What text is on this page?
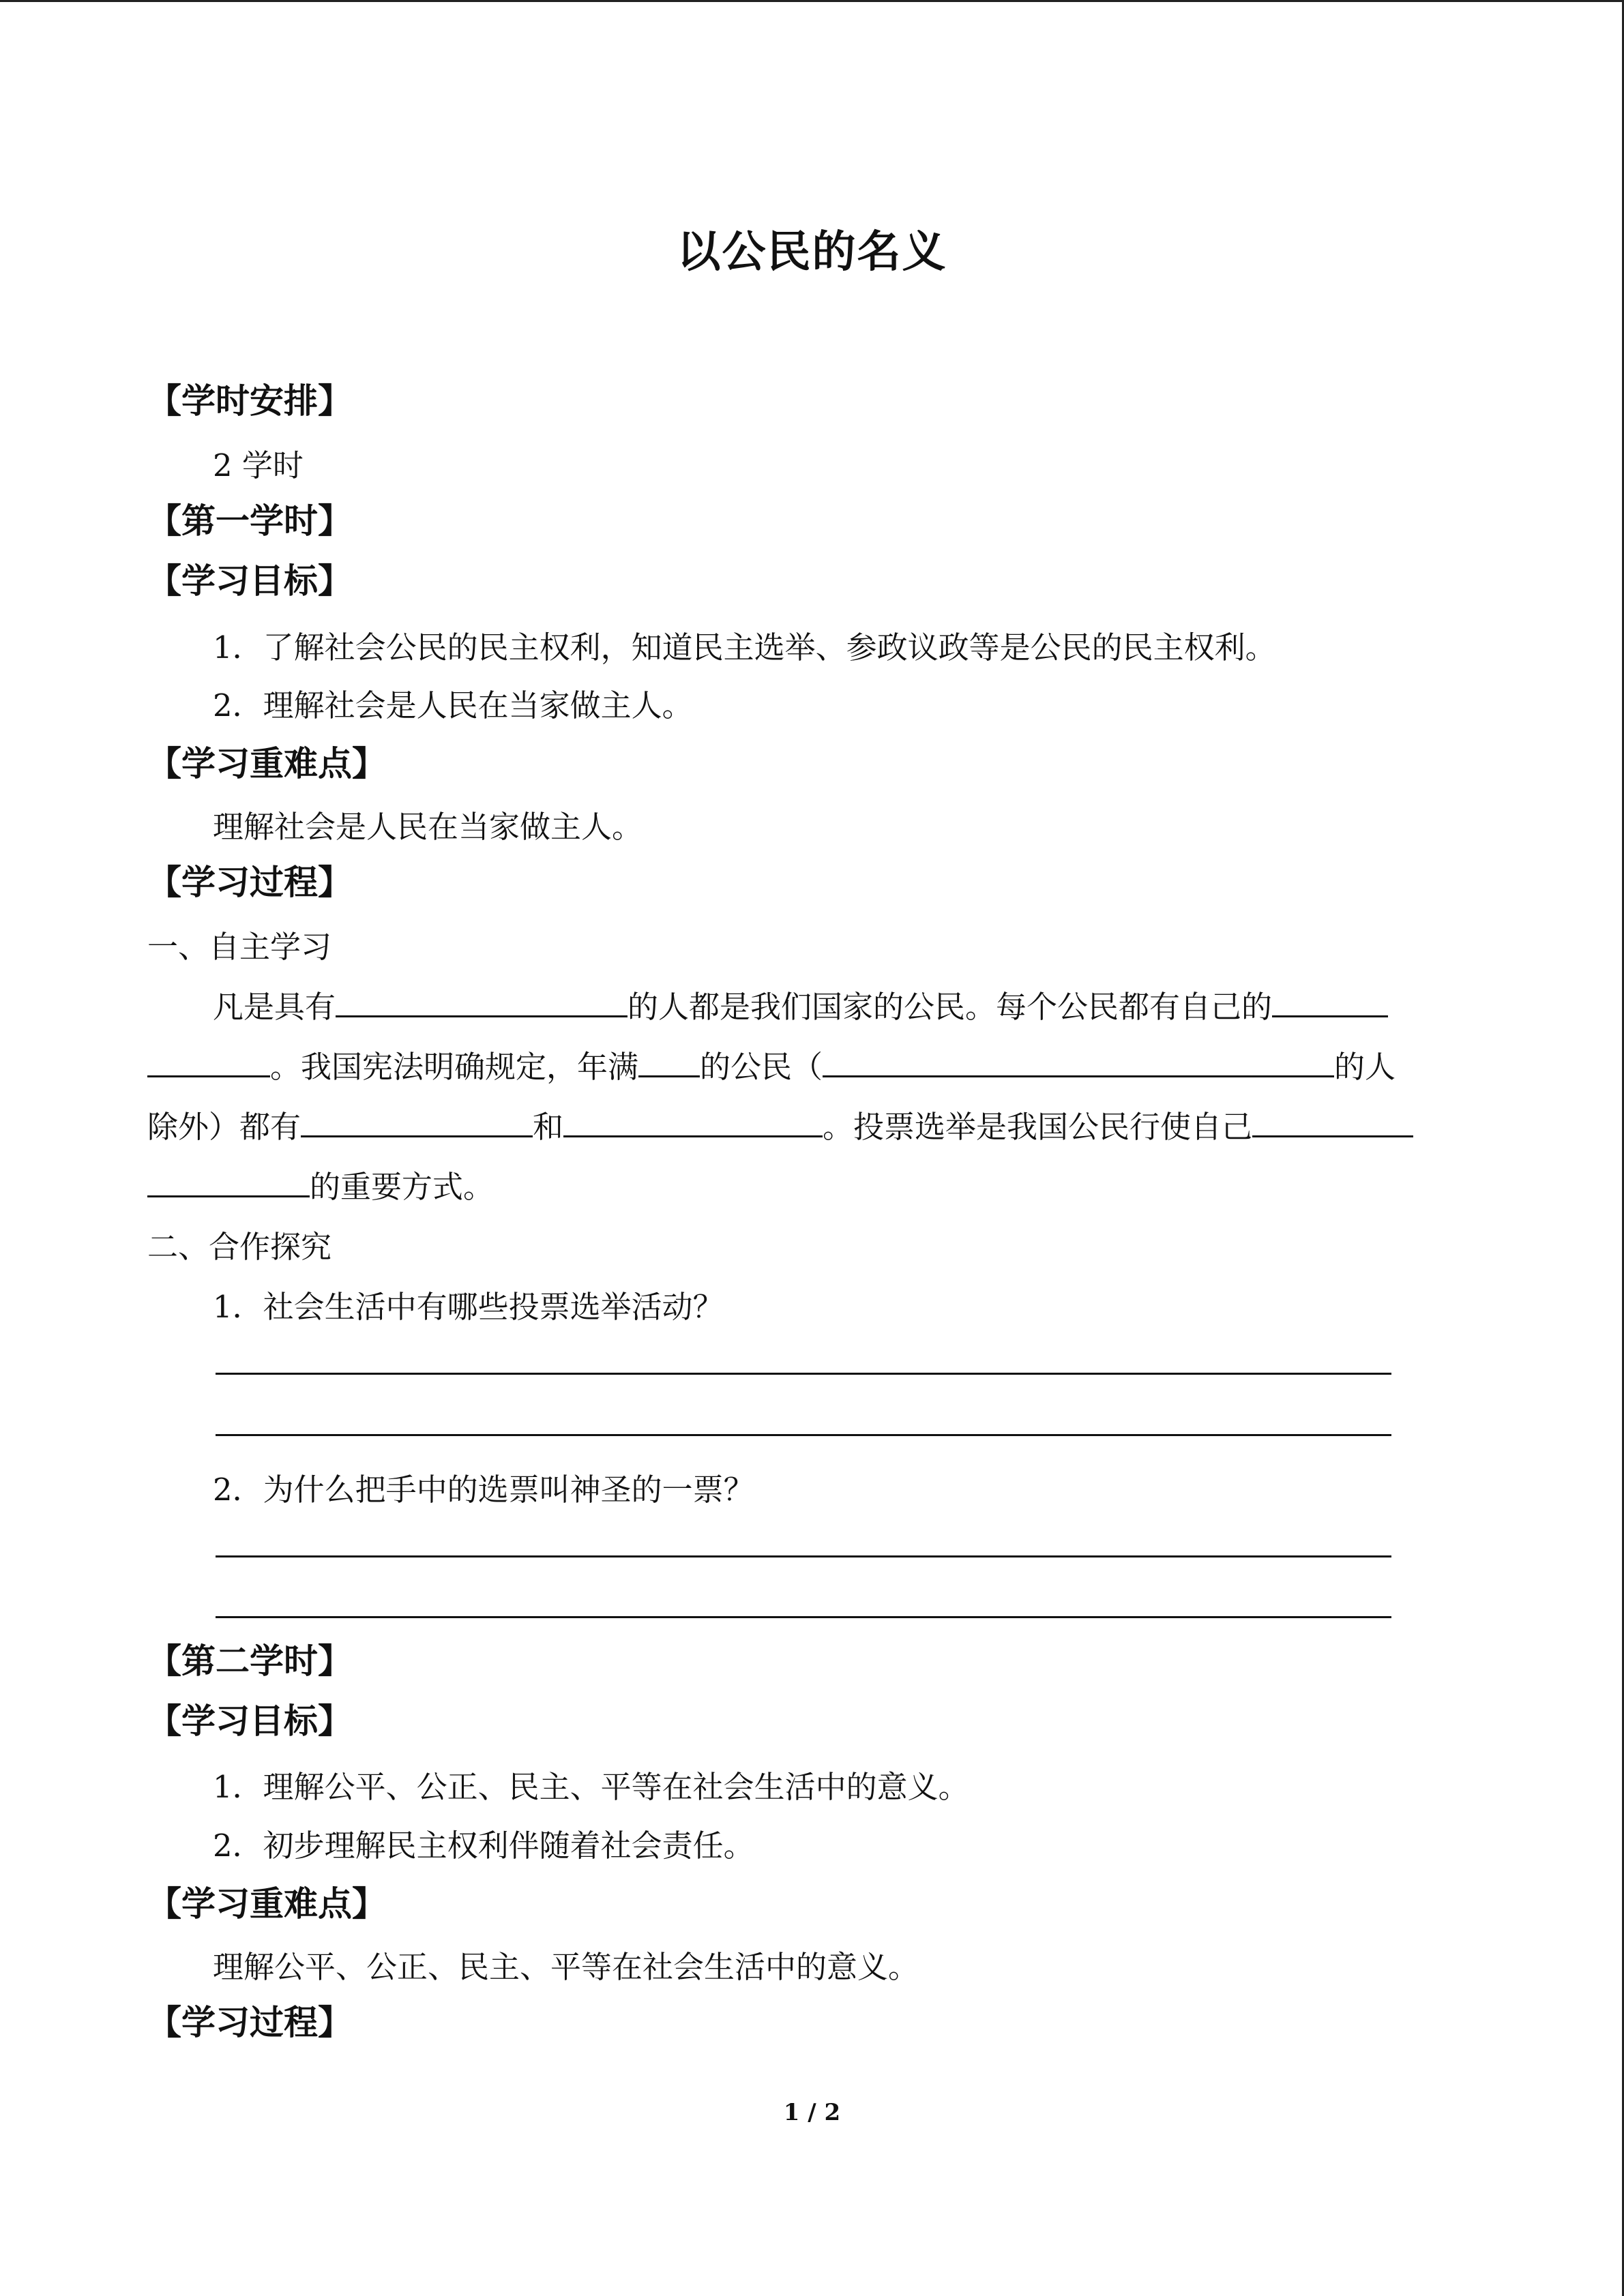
以公民的名义
【学时安排】
2 学时
【第一学时】
【学习目标】
1．了解社会公民的民主权利，知道民主选举、参政议政等是公民的民主权利。
2．理解社会是人民在当家做主人。
【学习重难点】
理解社会是人民在当家做主人。
【学习过程】
一、自主学习
凡是具有	的人都是我们国家的公民。每个公民都有自己的
。我国宪法明确规定，年满 的公民（	的人
除外）都有	和	。投票选举是我国公民行使自己
的重要方式。
二、合作探究
1．社会生活中有哪些投票选举活动？
2．为什么把手中的选票叫神圣的一票？
【第二学时】
【学习目标】
1．理解公平、公正、民主、平等在社会生活中的意义。
2．初步理解民主权利伴随着社会责任。
【学习重难点】
理解公平、公正、民主、平等在社会生活中的意义。
【学习过程】
1 / 2
